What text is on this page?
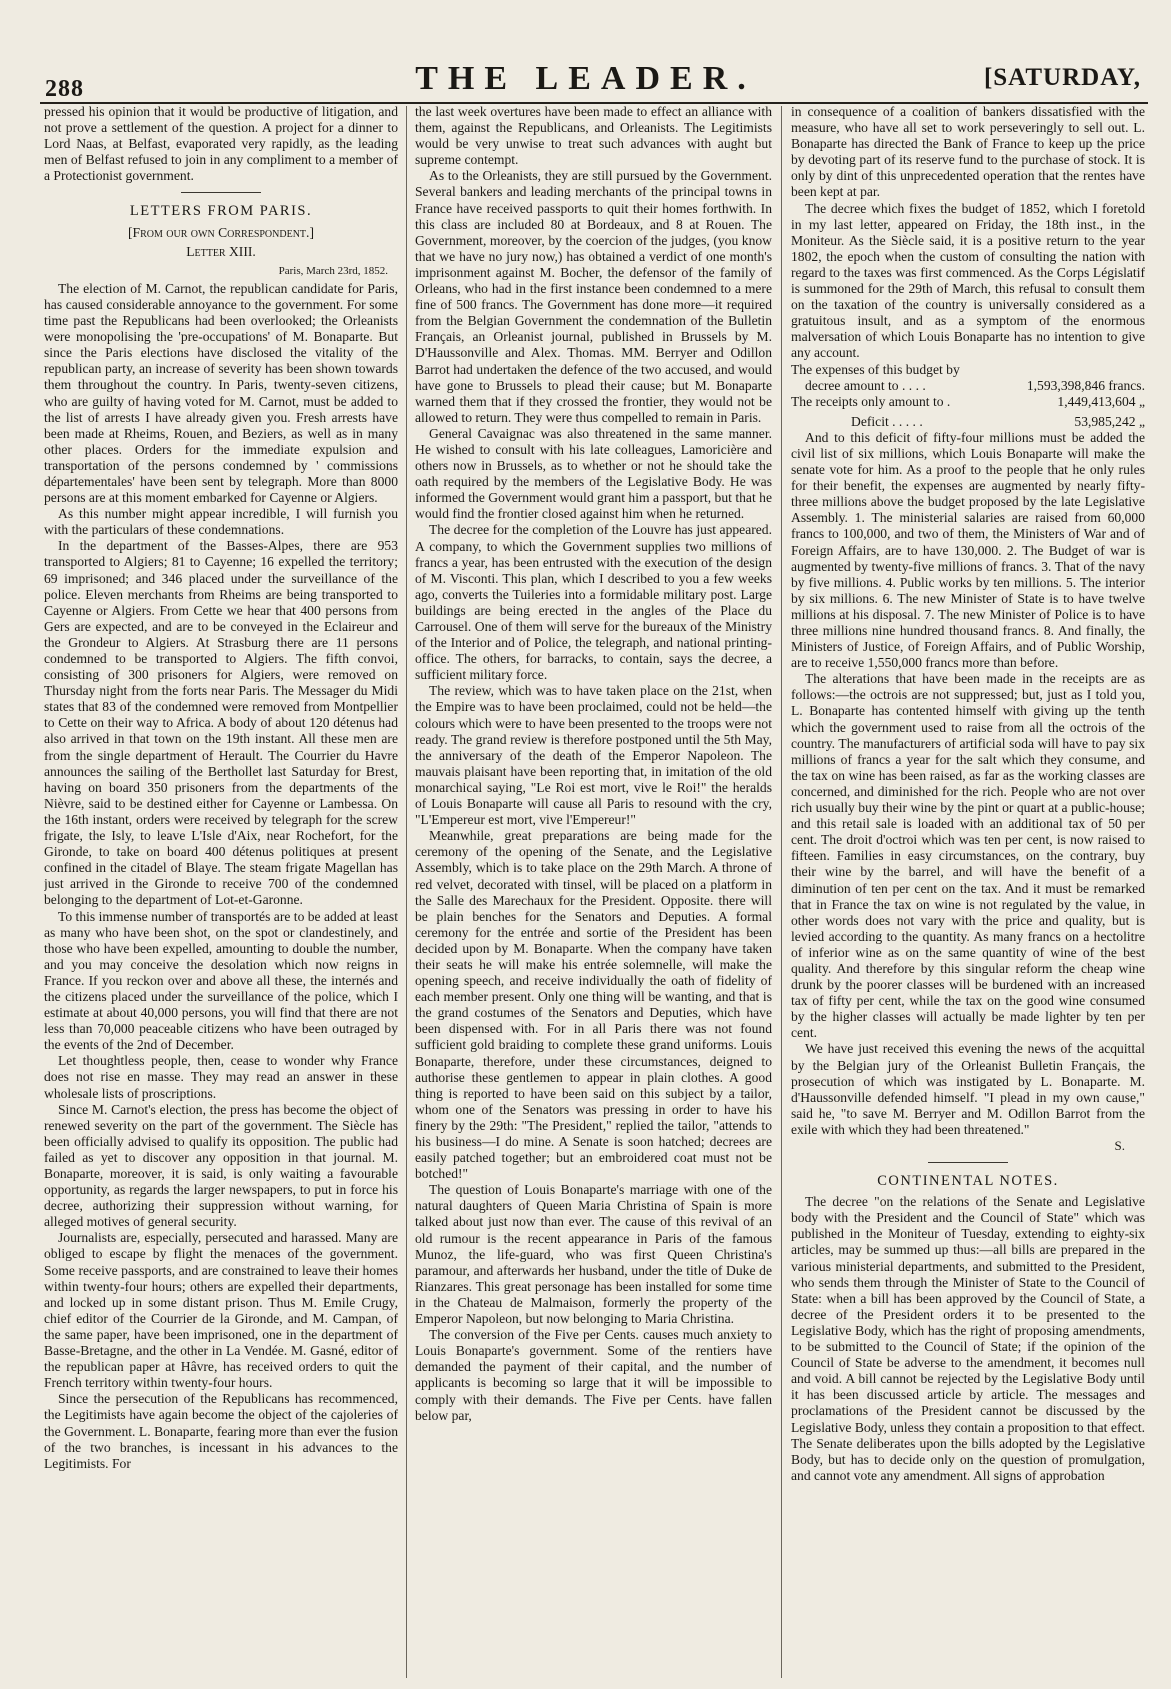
288	THE LEADER.	[SATURDAY,

pressed his opinion that it would be productive of litigation, and not prove a settlement of the question. A project for a dinner to Lord Naas, at Belfast, evaporated very rapidly, as the leading men of Belfast refused to join in any compliment to a member of a Protectionist government.

LETTERS FROM PARIS.
[From our own Correspondent.]
Letter XIII.
Paris, March 23rd, 1852.

The election of M. Carnot, the republican candidate for Paris, has caused considerable annoyance to the government. For some time past the Republicans had been overlooked; the Orleanists were monopolising the 'pre-occupations' of M. Bonaparte. But since the Paris elections have disclosed the vitality of the republican party, an increase of severity has been shown towards them throughout the country. In Paris, twenty-seven citizens, who are guilty of having voted for M. Carnot, must be added to the list of arrests I have already given you. Fresh arrests have been made at Rheims, Rouen, and Beziers, as well as in many other places. Orders for the immediate expulsion and transportation of the persons condemned by ' commissions départementales' have been sent by telegraph. More than 8000 persons are at this moment embarked for Cayenne or Algiers.

As this number might appear incredible, I will furnish you with the particulars of these condemnations.

In the department of the Basses-Alpes, there are 953 transported to Algiers; 81 to Cayenne; 16 expelled the territory; 69 imprisoned; and 346 placed under the surveillance of the police. Eleven merchants from Rheims are being transported to Cayenne or Algiers. From Cette we hear that 400 persons from Gers are expected, and are to be conveyed in the Eclaireur and the Grondeur to Algiers. At Strasburg there are 11 persons condemned to be transported to Algiers. The fifth convoi, consisting of 300 prisoners for Algiers, were removed on Thursday night from the forts near Paris. The Messager du Midi states that 83 of the condemned were removed from Montpellier to Cette on their way to Africa. A body of about 120 détenus had also arrived in that town on the 19th instant. All these men are from the single department of Herault. The Courrier du Havre announces the sailing of the Berthollet last Saturday for Brest, having on board 350 prisoners from the departments of the Nièvre, said to be destined either for Cayenne or Lambessa. On the 16th instant, orders were received by telegraph for the screw frigate, the Isly, to leave L'Isle d'Aix, near Rochefort, for the Gironde, to take on board 400 détenus politiques at present confined in the citadel of Blaye. The steam frigate Magellan has just arrived in the Gironde to receive 700 of the condemned belonging to the department of Lot-et-Garonne.

To this immense number of transportés are to be added at least as many who have been shot, on the spot or clandestinely, and those who have been expelled, amounting to double the number, and you may conceive the desolation which now reigns in France. If you reckon over and above all these, the internés and the citizens placed under the surveillance of the police, which I estimate at about 40,000 persons, you will find that there are not less than 70,000 peaceable citizens who have been outraged by the events of the 2nd of December.

Let thoughtless people, then, cease to wonder why France does not rise en masse. They may read an answer in these wholesale lists of proscriptions.

Since M. Carnot's election, the press has become the object of renewed severity on the part of the government. The Siècle has been officially advised to qualify its opposition. The public had failed as yet to discover any opposition in that journal. M. Bonaparte, moreover, it is said, is only waiting a favourable opportunity, as regards the larger newspapers, to put in force his decree, authorizing their suppression without warning, for alleged motives of general security.

Journalists are, especially, persecuted and harassed. Many are obliged to escape by flight the menaces of the government. Some receive passports, and are constrained to leave their homes within twenty-four hours; others are expelled their departments, and locked up in some distant prison. Thus M. Emile Crugy, chief editor of the Courrier de la Gironde, and M. Campan, of the same paper, have been imprisoned, one in the department of Basse-Bretagne, and the other in La Vendée. M. Gasné, editor of the republican paper at Hâvre, has received orders to quit the French territory within twenty-four hours.

Since the persecution of the Republicans has recommenced, the Legitimists have again become the object of the cajoleries of the Government. L. Bonaparte, fearing more than ever the fusion of the two branches, is incessant in his advances to the Legitimists. For

the last week overtures have been made to effect an alliance with them, against the Republicans, and Orleanists. The Legitimists would be very unwise to treat such advances with aught but supreme contempt.

As to the Orleanists, they are still pursued by the Government. Several bankers and leading merchants of the principal towns in France have received passports to quit their homes forthwith. In this class are included 80 at Bordeaux, and 8 at Rouen. The Government, moreover, by the coercion of the judges, (you know that we have no jury now,) has obtained a verdict of one month's imprisonment against M. Bocher, the defensor of the family of Orleans, who had in the first instance been condemned to a mere fine of 500 francs. The Government has done more—it required from the Belgian Government the condemnation of the Bulletin Français, an Orleanist journal, published in Brussels by M. D'Haussonville and Alex. Thomas. MM. Berryer and Odillon Barrot had undertaken the defence of the two accused, and would have gone to Brussels to plead their cause; but M. Bonaparte warned them that if they crossed the frontier, they would not be allowed to return. They were thus compelled to remain in Paris.

General Cavaignac was also threatened in the same manner. He wished to consult with his late colleagues, Lamoricière and others now in Brussels, as to whether or not he should take the oath required by the members of the Legislative Body. He was informed the Government would grant him a passport, but that he would find the frontier closed against him when he returned.

The decree for the completion of the Louvre has just appeared. A company, to which the Government supplies two millions of francs a year, has been entrusted with the execution of the design of M. Visconti. This plan, which I described to you a few weeks ago, converts the Tuileries into a formidable military post. Large buildings are being erected in the angles of the Place du Carrousel. One of them will serve for the bureaux of the Ministry of the Interior and of Police, the telegraph, and national printing-office. The others, for barracks, to contain, says the decree, a sufficient military force.

The review, which was to have taken place on the 21st, when the Empire was to have been proclaimed, could not be held—the colours which were to have been presented to the troops were not ready. The grand review is therefore postponed until the 5th May, the anniversary of the death of the Emperor Napoleon. The mauvais plaisant have been reporting that, in imitation of the old monarchical saying, "Le Roi est mort, vive le Roi!" the heralds of Louis Bonaparte will cause all Paris to resound with the cry, "L'Empereur est mort, vive l'Empereur!"

Meanwhile, great preparations are being made for the ceremony of the opening of the Senate, and the Legislative Assembly, which is to take place on the 29th March. A throne of red velvet, decorated with tinsel, will be placed on a platform in the Salle des Marechaux for the President. Opposite. there will be plain benches for the Senators and Deputies. A formal ceremony for the entrée and sortie of the President has been decided upon by M. Bonaparte. When the company have taken their seats he will make his entrée solemnelle, will make the opening speech, and receive individually the oath of fidelity of each member present. Only one thing will be wanting, and that is the grand costumes of the Senators and Deputies, which have been dispensed with. For in all Paris there was not found sufficient gold braiding to complete these grand uniforms. Louis Bonaparte, therefore, under these circumstances, deigned to authorise these gentlemen to appear in plain clothes. A good thing is reported to have been said on this subject by a tailor, whom one of the Senators was pressing in order to have his finery by the 29th: "The President," replied the tailor, "attends to his business—I do mine. A Senate is soon hatched; decrees are easily patched together; but an embroidered coat must not be botched!"

The question of Louis Bonaparte's marriage with one of the natural daughters of Queen Maria Christina of Spain is more talked about just now than ever. The cause of this revival of an old rumour is the recent appearance in Paris of the famous Munoz, the life-guard, who was first Queen Christina's paramour, and afterwards her husband, under the title of Duke de Rianzares. This great personage has been installed for some time in the Chateau de Malmaison, formerly the property of the Emperor Napoleon, but now belonging to Maria Christina.

The conversion of the Five per Cents. causes much anxiety to Louis Bonaparte's government. Some of the rentiers have demanded the payment of their capital, and the number of applicants is becoming so large that it will be impossible to comply with their demands. The Five per Cents. have fallen below par,

in consequence of a coalition of bankers dissatisfied with the measure, who have all set to work perseveringly to sell out. L. Bonaparte has directed the Bank of France to keep up the price by devoting part of its reserve fund to the purchase of stock. It is only by dint of this unprecedented operation that the rentes have been kept at par.

The decree which fixes the budget of 1852, which I foretold in my last letter, appeared on Friday, the 18th inst., in the Moniteur. As the Siècle said, it is a positive return to the year 1802, the epoch when the custom of consulting the nation with regard to the taxes was first commenced. As the Corps Législatif is summoned for the 29th of March, this refusal to consult them on the taxation of the country is universally considered as a gratuitous insult, and as a symptom of the enormous malversation of which Louis Bonaparte has no intention to give any account.

The expenses of this budget by

decree amount to . . . .	1,593,398,846 francs.
The receipts only amount to .	1,449,413,604 „
Deficit . . . . .	53,985,242 „

And to this deficit of fifty-four millions must be added the civil list of six millions, which Louis Bonaparte will make the senate vote for him. As a proof to the people that he only rules for their benefit, the expenses are augmented by nearly fifty-three millions above the budget proposed by the late Legislative Assembly. 1. The ministerial salaries are raised from 60,000 francs to 100,000, and two of them, the Ministers of War and of Foreign Affairs, are to have 130,000. 2. The Budget of war is augmented by twenty-five millions of francs. 3. That of the navy by five millions. 4. Public works by ten millions. 5. The interior by six millions. 6. The new Minister of State is to have twelve millions at his disposal. 7. The new Minister of Police is to have three millions nine hundred thousand francs. 8. And finally, the Ministers of Justice, of Foreign Affairs, and of Public Worship, are to receive 1,550,000 francs more than before.

The alterations that have been made in the receipts are as follows:—the octrois are not suppressed; but, just as I told you, L. Bonaparte has contented himself with giving up the tenth which the government used to raise from all the octrois of the country. The manufacturers of artificial soda will have to pay six millions of francs a year for the salt which they consume, and the tax on wine has been raised, as far as the working classes are concerned, and diminished for the rich. People who are not over rich usually buy their wine by the pint or quart at a public-house; and this retail sale is loaded with an additional tax of 50 per cent. The droit d'octroi which was ten per cent, is now raised to fifteen. Families in easy circumstances, on the contrary, buy their wine by the barrel, and will have the benefit of a diminution of ten per cent on the tax. And it must be remarked that in France the tax on wine is not regulated by the value, in other words does not vary with the price and quality, but is levied according to the quantity. As many francs on a hectolitre of inferior wine as on the same quantity of wine of the best quality. And therefore by this singular reform the cheap wine drunk by the poorer classes will be burdened with an increased tax of fifty per cent, while the tax on the good wine consumed by the higher classes will actually be made lighter by ten per cent.

We have just received this evening the news of the acquittal by the Belgian jury of the Orleanist Bulletin Français, the prosecution of which was instigated by L. Bonaparte. M. d'Haussonville defended himself. "I plead in my own cause," said he, "to save M. Berryer and M. Odillon Barrot from the exile with which they had been threatened."

S.
CONTINENTAL NOTES.

The decree "on the relations of the Senate and Legislative body with the President and the Council of State" which was published in the Moniteur of Tuesday, extending to eighty-six articles, may be summed up thus:—all bills are prepared in the various ministerial departments, and submitted to the President, who sends them through the Minister of State to the Council of State: when a bill has been approved by the Council of State, a decree of the President orders it to be presented to the Legislative Body, which has the right of proposing amendments, to be submitted to the Council of State; if the opinion of the Council of State be adverse to the amendment, it becomes null and void. A bill cannot be rejected by the Legislative Body until it has been discussed article by article. The messages and proclamations of the President cannot be discussed by the Legislative Body, unless they contain a proposition to that effect. The Senate deliberates upon the bills adopted by the Legislative Body, but has to decide only on the question of promulgation, and cannot vote any amendment. All signs of approbation
